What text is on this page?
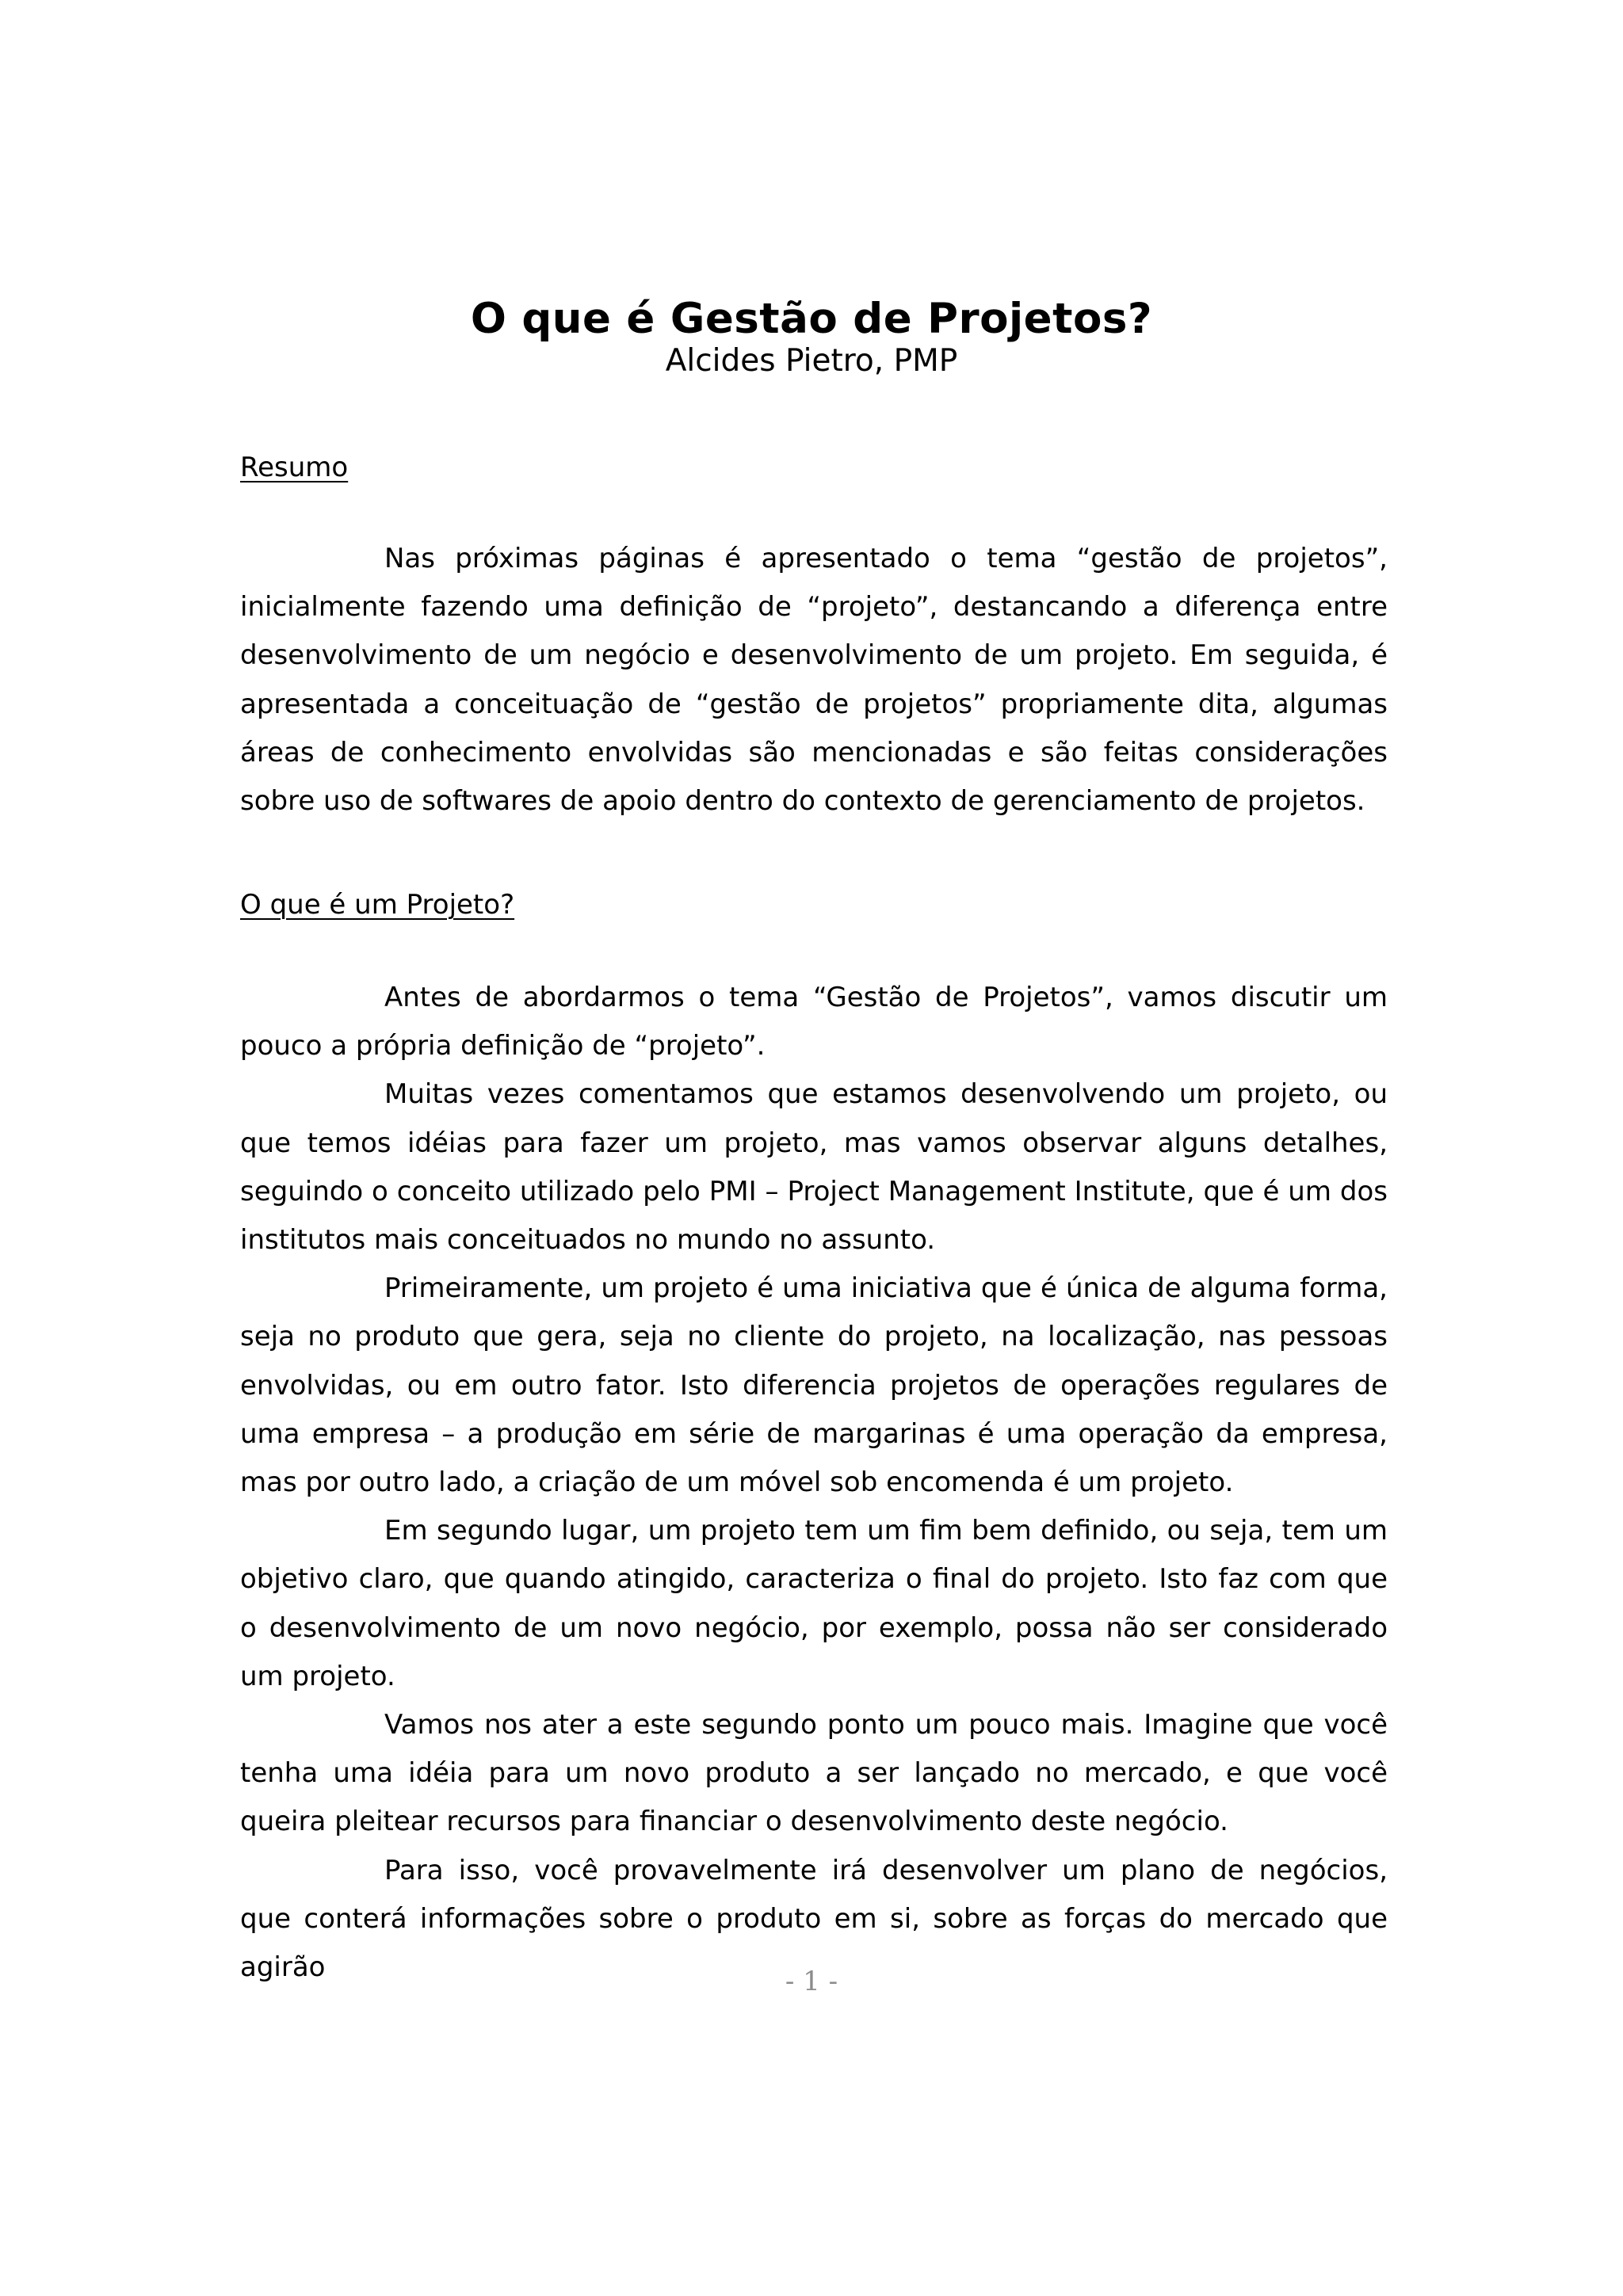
O que é Gestão de Projetos?
Alcides Pietro, PMP
Resumo

Nas próximas páginas é apresentado o tema “gestão de projetos”, inicialmente fazendo uma definição de “projeto”, destancando a diferença entre desenvolvimento de um negócio e desenvolvimento de um projeto. Em seguida, é apresentada a conceituação de “gestão de projetos” propriamente dita, algumas áreas de conhecimento envolvidas são mencionadas e são feitas considerações sobre uso de softwares de apoio dentro do contexto de gerenciamento de projetos.

O que é um Projeto?

Antes de abordarmos o tema “Gestão de Projetos”, vamos discutir um pouco a própria definição de “projeto”.

Muitas vezes comentamos que estamos desenvolvendo um projeto, ou que temos idéias para fazer um projeto, mas vamos observar alguns detalhes, seguindo o conceito utilizado pelo PMI – Project Management Institute, que é um dos institutos mais conceituados no mundo no assunto.

Primeiramente, um projeto é uma iniciativa que é única de alguma forma, seja no produto que gera, seja no cliente do projeto, na localização, nas pessoas envolvidas, ou em outro fator. Isto diferencia projetos de operações regulares de uma empresa – a produção em série de margarinas é uma operação da empresa, mas por outro lado, a criação de um móvel sob encomenda é um projeto.

Em segundo lugar, um projeto tem um fim bem definido, ou seja, tem um objetivo claro, que quando atingido, caracteriza o final do projeto. Isto faz com que o desenvolvimento de um novo negócio, por exemplo, possa não ser considerado um projeto.

Vamos nos ater a este segundo ponto um pouco mais. Imagine que você tenha uma idéia para um novo produto a ser lançado no mercado, e que você queira pleitear recursos para financiar o desenvolvimento deste negócio.

Para isso, você provavelmente irá desenvolver um plano de negócios, que conterá informações sobre o produto em si, sobre as forças do mercado que agirão	- 1 -
